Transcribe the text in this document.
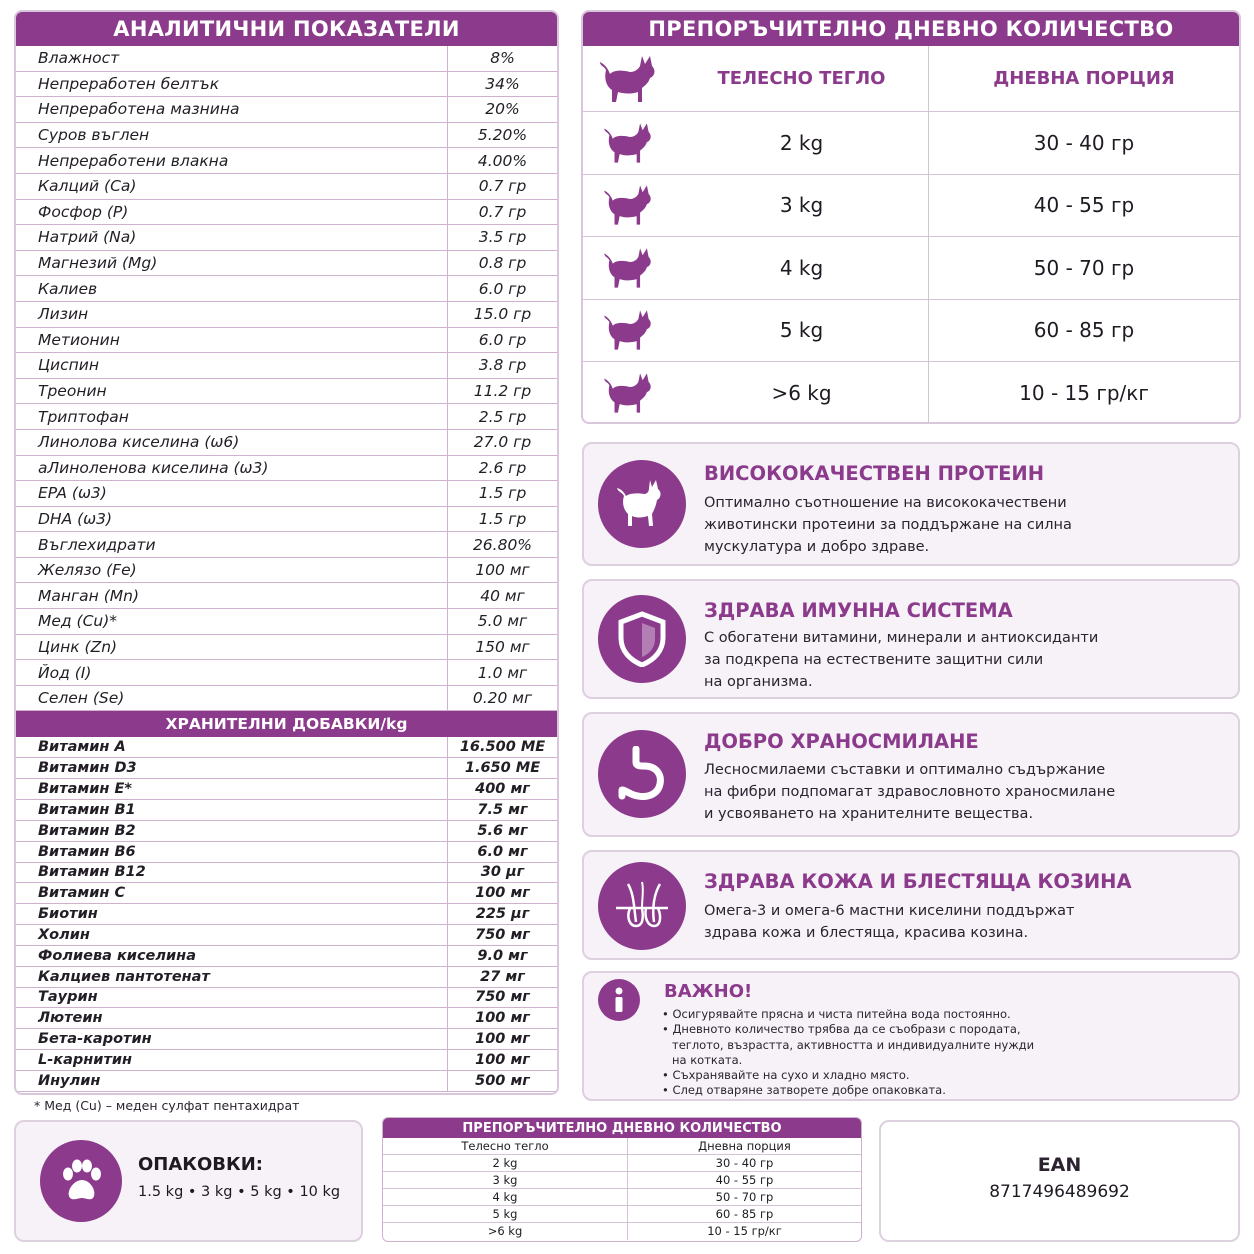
АНАЛИТИЧНИ ПОКАЗАТЕЛИ
Влажност	8%
Непреработен белтък	34%
Непреработена мазнина	20%
Суров въглен	5.20%
Непреработени влакна	4.00%
Калций (Ca)	0.7 гр
Фосфор (P)	0.7 гр
Натрий (Na)	3.5 гр
Магнезий (Mg)	0.8 гр
Калиев	6.0 гр
Лизин	15.0 гр
Метионин	6.0 гр
Циспин	3.8 гр
Треонин	11.2 гр
Триптофан	2.5 гр
Линолова киселина (ω6)	27.0 гр
аЛиноленова киселина (ω3)	2.6 гр
EPA (ω3)	1.5 гр
DHA (ω3)	1.5 гр
Въглехидрати	26.80%
Желязо (Fe)	100 мг
Манган (Mn)	40 мг
Мед (Cu)*	5.0 мг
Цинк (Zn)	150 мг
Йод (I)	1.0 мг
Селен (Se)	0.20 мг
ХРАНИТЕЛНИ ДОБАВКИ/kg
Витамин А	16.500 МЕ
Витамин D3	1.650 МЕ
Витамин Е*	400 мг
Витамин B1	7.5 мг
Витамин B2	5.6 мг
Витамин B6	6.0 мг
Витамин B12	30 μг
Витамин С	100 мг
Биотин	225 μг
Холин	750 мг
Фолиева киселина	9.0 мг
Калциев пантотенат	27 мг
Таурин	750 мг
Лютеин	100 мг
Бета-каротин	100 мг
L-карнитин	100 мг
Инулин	500 мг
* Мед (Cu) – меден сулфат пентахидрат
ПРЕПОРЪЧИТЕЛНО ДНЕВНО КОЛИЧЕСТВО
ТЕЛЕСНО ТЕГЛО	ДНЕВНА ПОРЦИЯ
2 kg	30 - 40 гр
3 kg	40 - 55 гр
4 kg	50 - 70 гр
5 kg	60 - 85 гр
>6 kg	10 - 15 гр/кг
ВИСОКОКАЧЕСТВЕН ПРОТЕИН
Оптимално съотношение на висококачествени
животински протеини за поддържане на силна
мускулатура и добро здраве.
ЗДРАВА ИМУННА СИСТЕМА
С обогатени витамини, минерали и антиоксиданти
за подкрепа на естествените защитни сили
на организма.
ДОБРО ХРАНОСМИЛАНЕ
Лесносмилаеми съставки и оптимално съдържание
на фибри подпомагат здравословното храносмилане
и усвояването на хранителните вещества.
ЗДРАВА КОЖА И БЛЕСТЯЩА КОЗИНА
Омега-3 и омега-6 мастни киселини поддържат
здрава кожа и блестяща, красива козина.
ВАЖНО!
• Осигурявайте прясна и чиста питейна вода постоянно.
• Дневното количество трябва да се съобрази с породата,
теглото, възрастта, активността и индивидуалните нужди
на котката.
• Съхранявайте на сухо и хладно място.
• След отваряне затворете добре опаковката.
ОПАКОВКИ:
1.5 kg • 3 kg • 5 kg • 10 kg
ПРЕПОРЪЧИТЕЛНО ДНЕВНО КОЛИЧЕСТВО
Телесно тегло	Дневна порция
2 kg	30 - 40 гр
3 kg	40 - 55 гр
4 kg	50 - 70 гр
5 kg	60 - 85 гр
>6 kg	10 - 15 гр/кг
EAN
8717496489692
